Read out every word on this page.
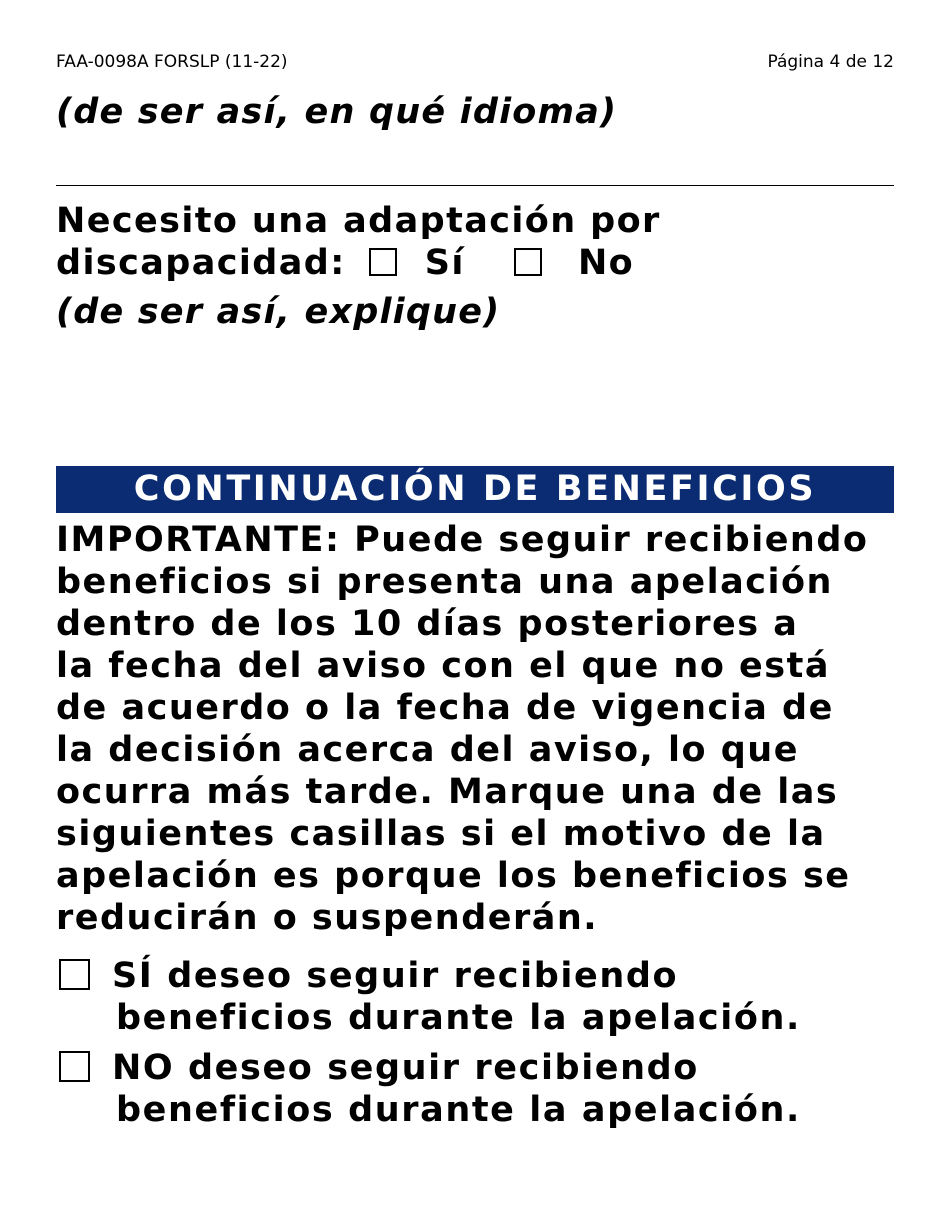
FAA-0098A FORSLP (11-22)	Página 4 de 12
(de ser así, en qué idioma)
Necesito una adaptación por
discapacidad: Sí	No
(de ser así, explique)
CONTINUACIÓN DE BENEFICIOS
IMPORTANTE: Puede seguir recibiendo
beneficios si presenta una apelación
dentro de los 10 días posteriores a
la fecha del aviso con el que no está
de acuerdo o la fecha de vigencia de
la decisión acerca del aviso, lo que
ocurra más tarde. Marque una de las
siguientes casillas si el motivo de la
apelación es porque los beneficios se
reducirán o suspenderán.
SÍ deseo seguir recibiendo
beneficios durante la apelación.
NO deseo seguir recibiendo
beneficios durante la apelación.
